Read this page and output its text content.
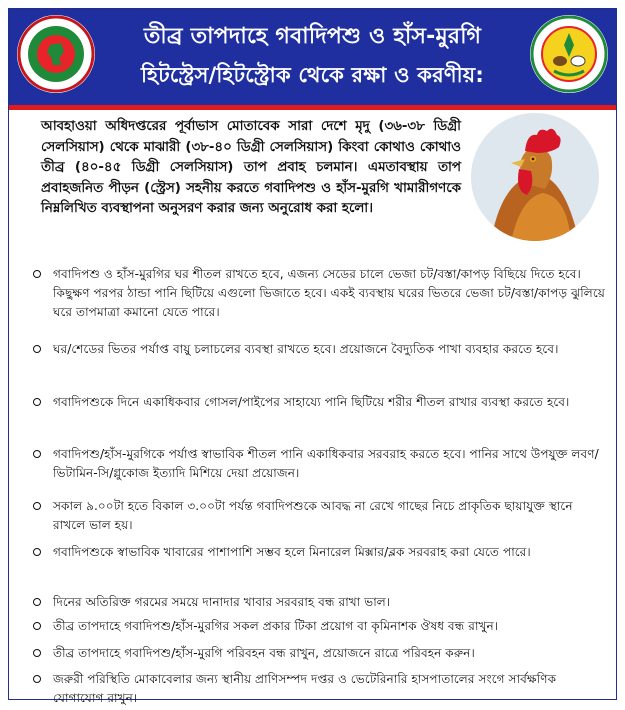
তীব্র তাপদাহে গবাদিপশু ও হাঁস-মুরগি
হিটস্ট্রেস/হিটস্ট্রোক থেকে রক্ষা ও করণীয়:
আবহাওয়া অধিদপ্তরের পূর্বাভাস মোতাবেক সারা দেশে মৃদু (৩৬-৩৮ ডিগ্রী সেলসিয়াস) থেকে মাঝারী (৩৮-৪০ ডিগ্রী সেলসিয়াস) কিংবা কোথাও কোথাও তীব্র (৪০-৪৫ ডিগ্রী সেলসিয়াস) তাপ প্রবাহ চলমান। এমতাবস্থায় তাপ প্রবাহজনিত পীড়ন (স্ট্রেস) সহনীয় করতে গবাদিপশু ও হাঁস-মুরগি খামারীগণকে নিম্নলিখিত ব্যবস্থাপনা অনুসরণ করার জন্য অনুরোধ করা হলো।
গবাদিপশু ও হাঁস-মুরগির ঘর শীতল রাখতে হবে, এজন্য সেডের চালে ভেজা চট/বস্তা/কাপড় বিছিয়ে দিতে হবে। কিছুক্ষণ পরপর ঠান্ডা পানি ছিটিয়ে এগুলো ভিজাতে হবে। একই ব্যবস্থায় ঘরের ভিতরে ভেজা চট/বস্তা/কাপড় ঝুলিয়ে ঘরে তাপমাত্রা কমানো যেতে পারে।
ঘর/শেডের ভিতর পর্যাপ্ত বায়ু চলাচলের ব্যবস্থা রাখতে হবে। প্রয়োজনে বৈদ্যুতিক পাখা ব্যবহার করতে হবে।
গবাদিপশুকে দিনে একাধিকবার গোসল/পাইপের সাহায্যে পানি ছিটিয়ে শরীর শীতল রাখার ব্যবস্থা করতে হবে।
গবাদিপশু/হাঁস-মুরগিকে পর্যাপ্ত স্বাভাবিক শীতল পানি একাধিকবার সরবরাহ করতে হবে। পানির সাথে উপযুক্ত লবণ/ভিটামিন-সি/গ্লুকোজ ইত্যাদি মিশিয়ে দেয়া প্রয়োজন।
সকাল ৯.০০টা হতে বিকাল ৩.০০টা পর্যন্ত গবাদিপশুকে আবদ্ধ না রেখে গাছের নিচে প্রাকৃতিক ছায়াযুক্ত স্থানে রাখলে ভাল হয়।
গবাদিপশুকে স্বাভাবিক খাবারের পাশাপাশি সম্ভব হলে মিনারেল মিক্সার/ব্লক সরবরাহ করা যেতে পারে।
দিনের অতিরিক্ত গরমের সময়ে দানাদার খাবার সরবরাহ বন্ধ রাখা ভাল।
তীব্র তাপদাহে গবাদিপশু/হাঁস-মুরগির সকল প্রকার টিকা প্রয়োগ বা কৃমিনাশক ঔষধ বন্ধ রাখুন।
তীব্র তাপদাহে গবাদিপশু/হাঁস-মুরগি পরিবহন বন্ধ রাখুন, প্রয়োজনে রাত্রে পরিবহন করুন।
জরুরী পরিস্থিতি মোকাবেলার জন্য স্থানীয় প্রাণিসম্পদ দপ্তর ও ভেটেরিনারি হাসপাতালের সংগে সার্বক্ষণিক যোগাযোগ রাখুন।
